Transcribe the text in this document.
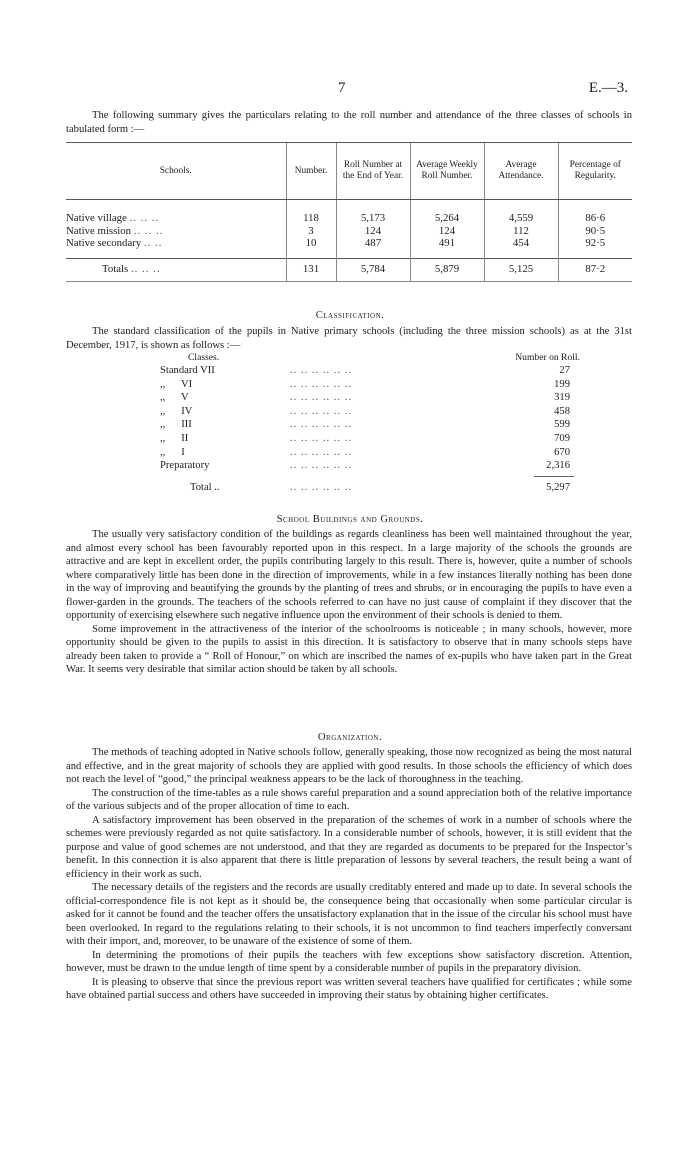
7	E.—3.
The following summary gives the particulars relating to the roll number and attendance of the three classes of schools in tabulated form :—
Schools.	Number.	Roll Number at the End of Year.	Average Weekly Roll Number.	Average Attendance.	Percentage of Regularity.

Native village .. .. ..	118	5,173	5,264	4,559	86·6
Native mission .. .. ..	3	124	124	112	90·5
Native secondary .. ..	10	487	491	454	92·5
Totals .. .. ..	131	5,784	5,879	5,125	87·2
Classification.
The standard classification of the pupils in Native primary schools (including the three mission schools) as at the 31st December, 1917, is shown as follows :—
Classes.	Number on Roll.
Standard VII	.. .. .. .. .. ..	27
,,      VI	.. .. .. .. .. ..	199
,,      V	.. .. .. .. .. ..	319
,,      IV	.. .. .. .. .. ..	458
,,      III	.. .. .. .. .. ..	599
,,      II	.. .. .. .. .. ..	709
,,      I	.. .. .. .. .. ..	670
Preparatory	.. .. .. .. .. ..	2,316
Total ..	.. .. .. .. .. ..	5,297
School Buildings and Grounds.

The usually very satisfactory condition of the buildings as regards cleanliness has been well maintained throughout the year, and almost every school has been favourably reported upon in this respect. In a large majority of the schools the grounds are attractive and are kept in excellent order, the pupils contributing largely to this result. There is, however, quite a number of schools where comparatively little has been done in the direction of improvements, while in a few instances literally nothing has been done in the way of improving and beautifying the grounds by the planting of trees and shrubs, or in encouraging the pupils to have even a flower-garden in the grounds. The teachers of the schools referred to can have no just cause of complaint if they discover that the opportunity of exercising elsewhere such negative influence upon the environment of their schools is denied to them.

Some improvement in the attractiveness of the interior of the schoolrooms is noticeable ; in many schools, however, more opportunity should be given to the pupils to assist in this direction. It is satisfactory to observe that in many schools steps have already been taken to provide a “ Roll of Honour,” on which are inscribed the names of ex-pupils who have taken part in the Great War. It seems very desirable that similar action should be taken by all schools.

Organization.

The methods of teaching adopted in Native schools follow, generally speaking, those now recognized as being the most natural and effective, and in the great majority of schools they are applied with good results. In those schools the efficiency of which does not reach the level of “good,” the principal weakness appears to be the lack of thoroughness in the teaching.

The construction of the time-tables as a rule shows careful preparation and a sound appreciation both of the relative importance of the various subjects and of the proper allocation of time to each.

A satisfactory improvement has been observed in the preparation of the schemes of work in a number of schools where the schemes were previously regarded as not quite satisfactory. In a considerable number of schools, however, it is still evident that the purpose and value of good schemes are not understood, and that they are regarded as documents to be prepared for the Inspector’s benefit. In this connection it is also apparent that there is little preparation of lessons by several teachers, the result being a want of efficiency in their work as such.

The necessary details of the registers and the records are usually creditably entered and made up to date. In several schools the official-correspondence file is not kept as it should be, the consequence being that occasionally when some particular circular is asked for it cannot be found and the teacher offers the unsatisfactory explanation that in the issue of the circular his school must have been overlooked. In regard to the regulations relating to their schools, it is not uncommon to find teachers imperfectly conversant with their import, and, moreover, to be unaware of the existence of some of them.

In determining the promotions of their pupils the teachers with few exceptions show satisfactory discretion. Attention, however, must be drawn to the undue length of time spent by a considerable number of pupils in the preparatory division.

It is pleasing to observe that since the previous report was written several teachers have qualified for certificates ; while some have obtained partial success and others have succeeded in improving their status by obtaining higher certificates.
